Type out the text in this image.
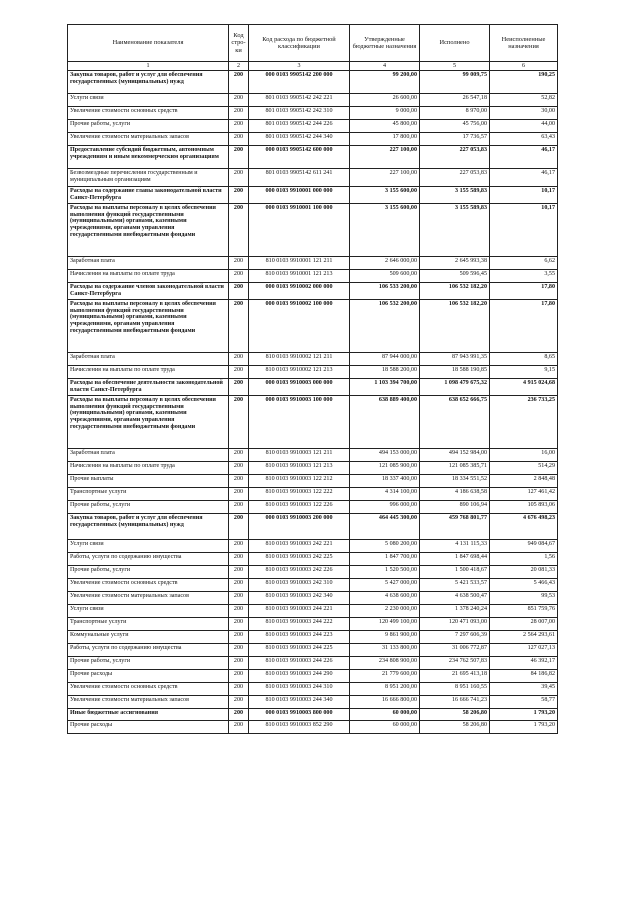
Наименование показателя	Код стро-ки	Код расхода по бюджетной классификации	Утвержденные бюджетные назначения	Исполнено	Неисполненные назначения
1	2	3	4	5	6
Закупка товаров, работ и услуг для обеспечения государственных (муниципальных) нужд	200	000 0103 9905142 200 000	99 200,00	99 009,75	190,25
Услуги связи	200	801 0103 9905142 242 221	26 600,00	26 547,18	52,82
Увеличение стоимости основных средств	200	801 0103 9905142 242 310	9 000,00	8 970,00	30,00
Прочие работы, услуги	200	801 0103 9905142 244 226	45 800,00	45 756,00	44,00
Увеличение стоимости материальных запасов	200	801 0103 9905142 244 340	17 800,00	17 736,57	63,43
Предоставление субсидий бюджетным, автономным учреждениям и иным некоммерческим организациям	200	000 0103 9905142 600 000	227 100,00	227 053,83	46,17
Безвозмездные перечисления государственным и муниципальным организациям	200	801 0103 9905142 611 241	227 100,00	227 053,83	46,17
Расходы на содержание главы законодательной власти Санкт-Петербурга	200	000 0103 9910001 000 000	3 155 600,00	3 155 589,83	10,17
Расходы на выплаты персоналу в целях обеспечения выполнения функций государственными (муниципальными) органами, казенными учреждениями, органами управления государственными внебюджетными фондами	200	000 0103 9910001 100 000	3 155 600,00	3 155 589,83	10,17
Заработная плата	200	810 0103 9910001 121 211	2 646 000,00	2 645 993,38	6,62
Начисления на выплаты по оплате труда	200	810 0103 9910001 121 213	509 600,00	509 596,45	3,55
Расходы на содержание членов законодательной власти Санкт-Петербурга	200	000 0103 9910002 000 000	106 533 200,00	106 532 182,20	17,80
Расходы на выплаты персоналу в целях обеспечения выполнения функций государственными (муниципальными) органами, казенными учреждениями, органами управления государственными внебюджетными фондами	200	000 0103 9910002 100 000	106 532 200,00	106 532 182,20	17,80
Заработная плата	200	810 0103 9910002 121 211	87 944 000,00	87 943 991,35	8,65
Начисления на выплаты по оплате труда	200	810 0103 9910002 121 213	18 588 200,00	18 588 190,85	9,15
Расходы на обеспечение деятельности законодательной власти Санкт-Петербурга	200	000 0103 9910003 000 000	1 103 394 700,00	1 098 479 675,32	4 915 024,68
Расходы на выплаты персоналу в целях обеспечения выполнения функций государственными (муниципальными) органами, казенными учреждениями, органами управления государственными внебюджетными фондами	200	000 0103 9910003 100 000	638 889 400,00	638 652 666,75	236 733,25
Заработная плата	200	810 0103 9910003 121 211	494 153 000,00	494 152 984,00	16,00
Начисления на выплаты по оплате труда	200	810 0103 9910003 121 213	121 085 900,00	121 085 385,71	514,29
Прочие выплаты	200	810 0103 9910003 122 212	18 337 400,00	18 334 551,52	2 848,48
Транспортные услуги	200	810 0103 9910003 122 222	4 314 100,00	4 186 638,58	127 461,42
Прочие работы, услуги	200	810 0103 9910003 122 226	996 000,00	890 106,94	105 893,06
Закупка товаров, работ и услуг для обеспечения государственных (муниципальных) нужд	200	000 0103 9910003 200 000	464 445 300,00	459 768 801,77	4 676 498,23
Услуги связи	200	810 0103 9910003 242 221	5 080 200,00	4 131 115,33	949 084,67
Работы, услуги по содержанию имущества	200	810 0103 9910003 242 225	1 847 700,00	1 847 698,44	1,56
Прочие работы, услуги	200	810 0103 9910003 242 226	1 520 500,00	1 500 418,67	20 081,33
Увеличение стоимости основных средств	200	810 0103 9910003 242 310	5 427 000,00	5 421 533,57	5 466,43
Увеличение стоимости материальных запасов	200	810 0103 9910003 242 340	4 638 600,00	4 638 500,47	99,53
Услуги связи	200	810 0103 9910003 244 221	2 230 000,00	1 378 240,24	851 759,76
Транспортные услуги	200	810 0103 9910003 244 222	120 499 100,00	120 471 093,00	28 007,00
Коммунальные услуги	200	810 0103 9910003 244 223	9 861 900,00	7 297 606,39	2 564 293,61
Работы, услуги по содержанию имущества	200	810 0103 9910003 244 225	31 133 800,00	31 006 772,87	127 027,13
Прочие работы, услуги	200	810 0103 9910003 244 226	234 808 900,00	234 762 507,83	46 392,17
Прочие расходы	200	810 0103 9910003 244 290	21 779 600,00	21 695 413,18	84 186,82
Увеличение стоимости основных средств	200	810 0103 9910003 244 310	8 951 200,00	8 951 160,55	39,45
Увеличение стоимости материальных запасов	200	810 0103 9910003 244 340	16 666 800,00	16 666 741,23	58,77
Иные бюджетные ассигнования	200	000 0103 9910003 800 000	60 000,00	58 206,80	1 793,20
Прочие расходы	200	810 0103 9910003 852 290	60 000,00	58 206,80	1 793,20
